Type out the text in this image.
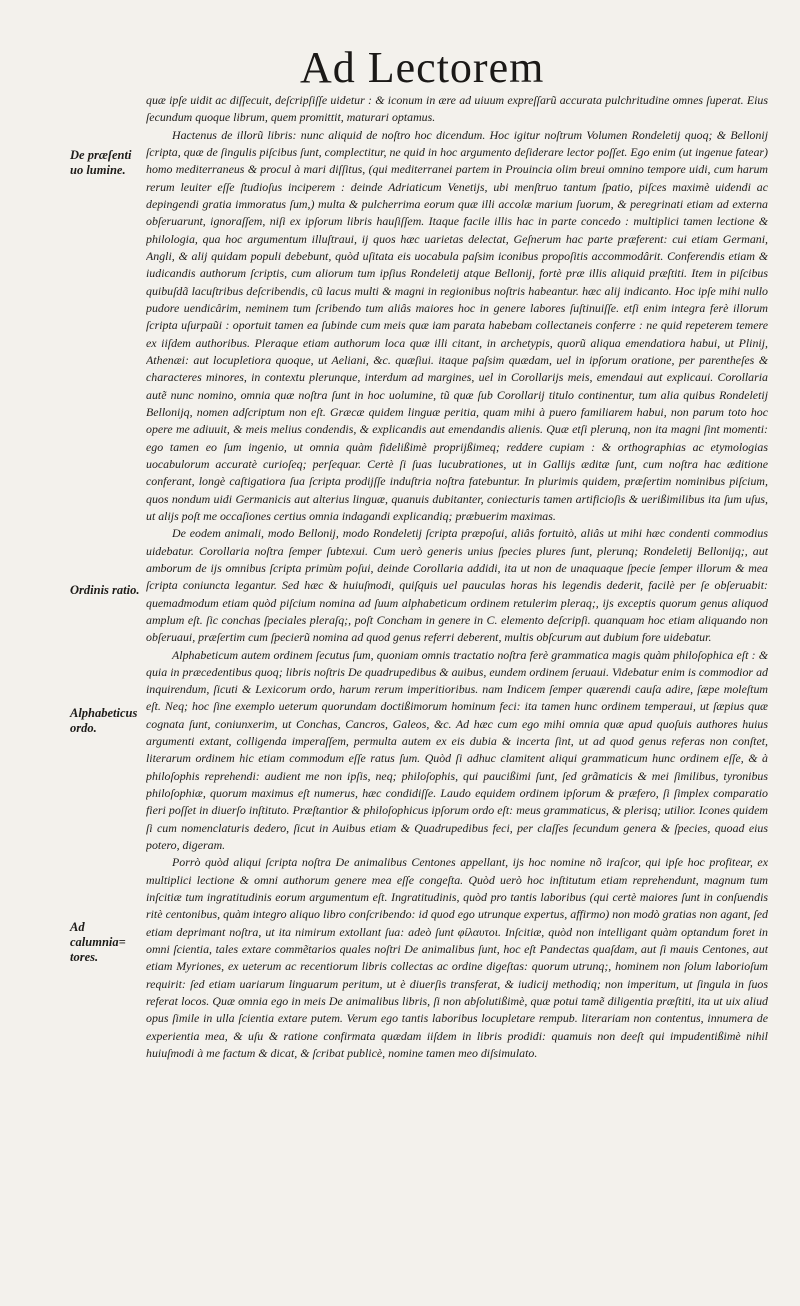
Ad Lectorem
De præſenti uo lumine.
Ordinis ratio.
Alphabeticus ordo.
Ad calumnia= tores.

quæ ipſe uidit ac diſſecuit, deſcripſiſſe uidetur : & iconum in ære ad uiuum expreſſarũ accurata pulchritudine omnes ſuperat. Eius ſecundum quoque librum, quem promittit, maturari optamus.

Hactenus de illorũ libris: nunc aliquid de noſtro hoc dicendum. Hoc igitur noſtrum Volumen Rondeletij quoq; & Bellonij ſcripta, quæ de ſingulis piſcibus ſunt, complectitur, ne quid in hoc argumento deſiderare lector poſſet. Ego enim (ut ingenue fatear) homo mediterraneus & procul à mari diſſitus, (qui mediterranei partem in Prouincia olim breui omnino tempore uidi, cum harum rerum leuiter eſſe ſtudioſus inciperem : deinde Adriaticum Venetijs, ubi menſtruo tantum ſpatio, piſces maximè uidendi ac depingendi gratia immoratus ſum,) multa & pulcherrima eorum quæ illi accolæ marium ſuorum, & peregrinati etiam ad externa obſeruarunt, ignoraſſem, niſi ex ipſorum libris hauſiſſem. Itaque facile illis hac in parte concedo : multiplici tamen lectione & philologia, qua hoc argumentum illuſtraui, ij quos hæc uarietas delectat, Geſnerum hac parte præferent: cui etiam Germani, Angli, & alij quidam populi debebunt, quòd uſitata eis uocabula paſsim iconibus propoſitis accommodârit. Conferendis etiam & iudicandis authorum ſcriptis, cum aliorum tum ipſius Rondeletij atque Bellonij, fortè præ illis aliquid præſtiti. Item in piſcibus quibuſdã lacuſtribus deſcribendis, cũ lacus multi & magni in regionibus noſtris habeantur. hæc alij indicanto. Hoc ipſe mihi nullo pudore uendicârim, neminem tum ſcribendo tum aliâs maiores hoc in genere labores ſuſtinuiſſe. etſi enim integra ferè illorum ſcripta uſurpaũi : oportuit tamen ea ſubinde cum meis quæ iam parata habebam collectaneis conferre : ne quid repeterem temere ex iiſdem authoribus. Pleraque etiam authorum loca quæ illi citant, in archetypis, quorũ aliqua emendatiora habui, ut Plinij, Athenæi: aut locupletiora quoque, ut Aeliani, &c. quæſiui. itaque paſsim quædam, uel in ipſorum oratione, per parentheſes & characteres minores, in contextu plerunque, interdum ad margines, uel in Corollarijs meis, emendaui aut explicaui. Corollaria autẽ nunc nomino, omnia quæ noſtra ſunt in hoc uolumine, tũ quæ ſub Corollarij titulo continentur, tum alia quibus Rondeletij Bellonijq, nomen adſcriptum non eſt. Græcæ quidem linguæ peritia, quam mihi à puero familiarem habui, non parum toto hoc opere me adiuuit, & meis melius condendis, & explicandis aut emendandis alienis. Quæ etſi plerunq, non ita magni ſint momenti: ego tamen eo ſum ingenio, ut omnia quàm fidelißimè proprijßimeq; reddere cupiam : & orthographias ac etymologias uocabulorum accuratè curioſeq; perſequar. Certè ſi ſuas lucubrationes, ut in Gallijs æditæ ſunt, cum noſtra hac æditione conferant, longè caſtigatiora ſua ſcripta prodijſſe induſtria noſtra fatebuntur. In plurimis quidem, præſertim nominibus piſcium, quos nondum uidi Germanicis aut alterius linguæ, quanuis dubitanter, coniecturis tamen artificioſis & uerißimilibus ita ſum uſus, ut alijs poſt me occaſiones certius omnia indagandi explicandiq; præbuerim maximas.

De eodem animali, modo Bellonij, modo Rondeletij ſcripta præpoſui, aliâs fortuitò, aliâs ut mihi hæc condenti commodius uidebatur. Corollaria noſtra ſemper ſubtexui. Cum uerò generis unius ſpecies plures ſunt, plerunq; Rondeletij Bellonijq;, aut amborum de ijs omnibus ſcripta primùm poſui, deinde Corollaria addidi, ita ut non de unaquaque ſpecie ſemper illorum & mea ſcripta coniuncta legantur. Sed hæc & huiuſmodi, quiſquis uel pauculas horas his legendis dederit, facilè per ſe obſeruabit: quemadmodum etiam quòd piſcium nomina ad ſuum alphabeticum ordinem retulerim pleraq;, ijs exceptis quorum genus aliquod amplum eſt. ſic conchas ſpeciales pleraſq;, poſt Concham in genere in C. elemento deſcripſi. quanquam hoc etiam aliquando non obſeruaui, præſertim cum ſpecierũ nomina ad quod genus referri deberent, multis obſcurum aut dubium fore uidebatur.

Alphabeticum autem ordinem ſecutus ſum, quoniam omnis tractatio noſtra ferè grammatica magis quàm philoſophica eſt : & quia in præcedentibus quoq; libris noſtris De quadrupedibus & auibus, eundem ordinem ſeruaui. Videbatur enim is commodior ad inquirendum, ſicuti & Lexicorum ordo, harum rerum imperitioribus. nam Indicem ſemper quærendi cauſa adire, ſæpe moleſtum eſt. Neq; hoc ſine exemplo ueterum quorundam doctißimorum hominum feci: ita tamen hunc ordinem temperaui, ut ſæpius quæ cognata ſunt, coniunxerim, ut Conchas, Cancros, Galeos, &c. Ad hæc cum ego mihi omnia quæ apud quoſuis authores huius argumenti extant, colligenda imperaſſem, permulta autem ex eis dubia & incerta ſint, ut ad quod genus referas non conſtet, literarum ordinem hic etiam commodum eſſe ratus ſum. Quòd ſi adhuc clamitent aliqui grammaticum hunc ordinem eſſe, & à philoſophis reprehendi: audient me non ipſis, neq; philoſophis, qui paucißimi ſunt, ſed grãmaticis & mei ſimilibus, tyronibus philoſophiæ, quorum maximus eſt numerus, hæc condidiſſe. Laudo equidem ordinem ipſorum & præfero, ſi ſimplex comparatio fieri poſſet in diuerſo inſtituto. Præſtantior & philoſophicus ipſorum ordo eſt: meus grammaticus, & plerisq; utilior. Icones quidem ſi cum nomenclaturis dedero, ſicut in Auibus etiam & Quadrupedibus feci, per claſſes ſecundum genera & ſpecies, quoad eius potero, digeram.

Porrò quòd aliqui ſcripta noſtra De animalibus Centones appellant, ijs hoc nomine nõ iraſcor, qui ipſe hoc profitear, ex multiplici lectione & omni authorum genere mea eſſe congeſta. Quòd uerò hoc inſtitutum etiam reprehendunt, magnum tum inſcitiæ tum ingratitudinis eorum argumentum eſt. Ingratitudinis, quòd pro tantis laboribus (qui certè maiores ſunt in conſuendis ritè centonibus, quàm integro aliquo libro conſcribendo: id quod ego utrunque expertus, affirmo) non modò gratias non agant, ſed etiam deprimant noſtra, ut ita nimirum extollant ſua: adeò ſunt φίλαυτοι. Inſcitiæ, quòd non intelligant quàm optandum foret in omni ſcientia, tales extare commẽtarios quales noſtri De animalibus ſunt, hoc eſt Pandectas quaſdam, aut ſi mauis Centones, aut etiam Myriones, ex ueterum ac recentiorum libris collectas ac ordine digeſtas: quorum utrunq;, hominem non ſolum laborioſum requirit: ſed etiam uariarum linguarum peritum, ut è diuerſis transferat, & iudicij methodiq; non imperitum, ut ſingula in ſuos referat locos. Quæ omnia ego in meis De animalibus libris, ſi non abſolutißimè, quæ potui tamẽ diligentia præſtiti, ita ut uix aliud opus ſimile in ulla ſcientia extare putem. Verum ego tantis laboribus locupletare rempub. literariam non contentus, innumera de experientia mea, & uſu & ratione confirmata quædam iiſdem in libris prodidi: quamuis non deeſt qui impudentißimè nihil huiuſmodi à me factum & dicat, & ſcribat publicè, nomine tamen meo diſsimulato.
